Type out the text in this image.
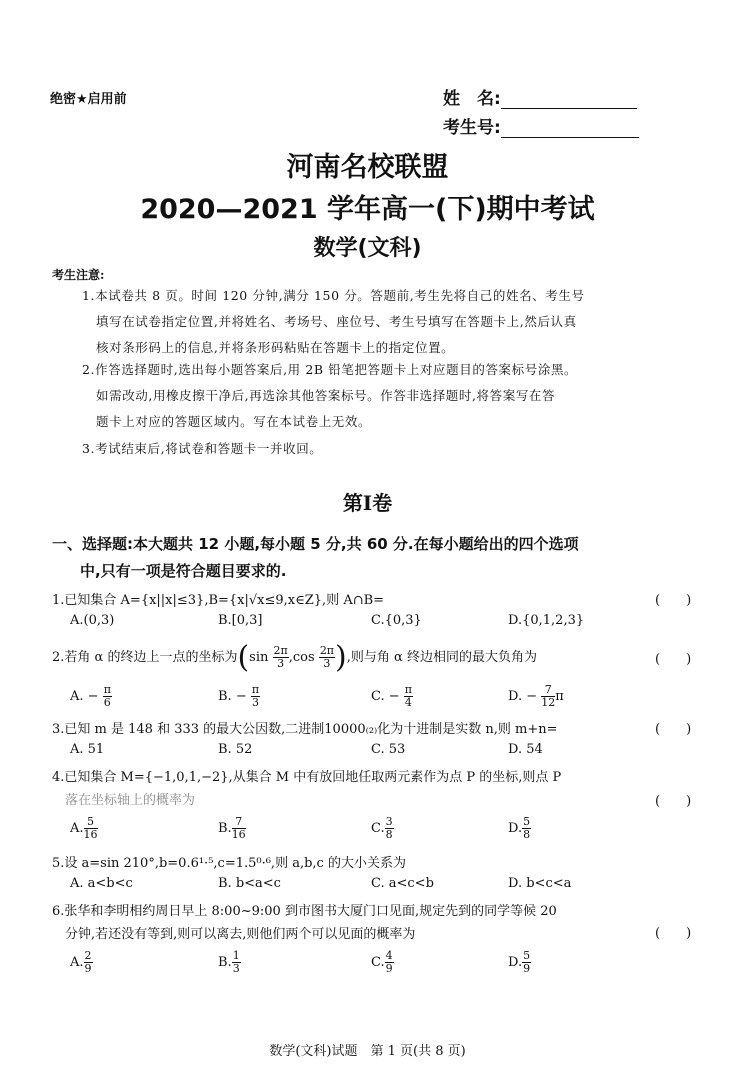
绝密★启用前	姓　名:
考生号:
河南名校联盟
2020—2021 学年高一(下)期中考试
数学(文科)
考生注意:
1.本试卷共 8 页。时间 120 分钟,满分 150 分。答题前,考生先将自己的姓名、考生号
填写在试卷指定位置,并将姓名、考场号、座位号、考生号填写在答题卡上,然后认真
核对条形码上的信息,并将条形码粘贴在答题卡上的指定位置。
2.作答选择题时,选出每小题答案后,用 2B 铅笔把答题卡上对应题目的答案标号涂黑。
如需改动,用橡皮擦干净后,再选涂其他答案标号。作答非选择题时,将答案写在答
题卡上对应的答题区域内。写在本试卷上无效。
3.考试结束后,将试卷和答题卡一并收回。
第Ⅰ卷
一、选择题:本大题共 12 小题,每小题 5 分,共 60 分.在每小题给出的四个选项
中,只有一项是符合题目要求的.
1.已知集合 A={x||x|≤3},B={x|√x≤9,x∈Z},则 A∩B=	(　　)
A.(0,3)	B.[0,3]	C.{0,3}	D.{0,1,2,3}
2.若角 α 的终边上一点的坐标为($\sin \frac{2\pi}{3} ,\cos \frac{2\pi}{3}$ ),则与角 α 终边相同的最大负角为	(　　)
A. − $\frac{\pi}{6}$	B. − $\frac{\pi}{3}$	C. − $\frac{\pi}{4}$	D. − $\frac{7}{12}$ π
3.已知 m 是 148 和 333 的最大公因数,二进制10000₍₂₎化为十进制是实数 n,则 m+n=	(　　)
A. 51	B. 52	C. 53	D. 54
4.已知集合 M={−1,0,1,−2},从集合 M 中有放回地任取两元素作为点 P 的坐标,则点 P
落在坐标轴上的概率为	(　　)
A. $\frac{5}{16}$	B. $\frac{7}{16}$	C. $\frac{3}{8}$	D. $\frac{5}{8}$
5.设 a=sin 210°,b=0.6¹·⁵,c=1.5⁰·⁶,则 a,b,c 的大小关系为
A. a<b<c	B. b<a<c	C. a<c<b	D. b<c<a
6.张华和李明相约周日早上 8:00~9:00 到市图书大厦门口见面,规定先到的同学等候 20
分钟,若还没有等到,则可以离去,则他们两个可以见面的概率为	(　　)
A. $\frac{2}{9}$	B. $\frac{1}{3}$	C. $\frac{4}{9}$	D. $\frac{5}{9}$
数学(文科)试题　第 1 页(共 8 页)
